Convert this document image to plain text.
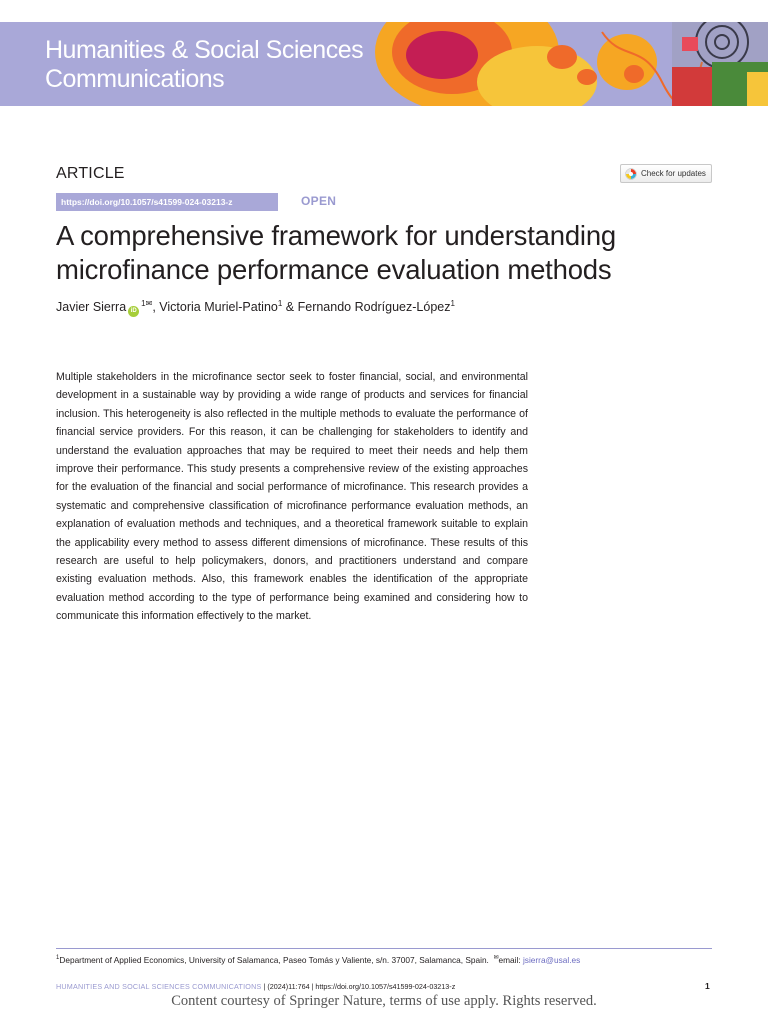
Humanities & Social Sciences
Communications
ARTICLE	Check for updates
https://doi.org/10.1057/s41599-024-03213-z	OPEN
A comprehensive framework for understanding
microfinance performance evaluation methods
Javier Sierra $iD^{1✉}$, Victoria Muriel-Patino$^1$ & Fernando Rodríguez-López$^1$

Multiple stakeholders in the microfinance sector seek to foster financial, social, and environmental development in a sustainable way by providing a wide range of products and services for financial inclusion. This heterogeneity is also reflected in the multiple methods to evaluate the performance of financial service providers. For this reason, it can be challenging for stakeholders to identify and understand the evaluation approaches that may be required to meet their needs and help them improve their performance. This study presents a comprehensive review of the existing approaches for the evaluation of the financial and social performance of microfinance. This research provides a systematic and comprehensive classification of microfinance performance evaluation methods, an explanation of evaluation methods and techniques, and a theoretical framework suitable to explain the applicability every method to assess different dimensions of microfinance. These results of this research are useful to help policymakers, donors, and practitioners understand and compare existing evaluation methods. Also, this framework enables the identification of the appropriate evaluation method according to the type of performance being examined and considering how to communicate this information effectively to the market.

$^1$Department of Applied Economics, University of Salamanca, Paseo Tomás y Valiente, s/n. 37007, Salamanca, Spain. ✉email: jsierra@usal.es
HUMANITIES AND SOCIAL SCIENCES COMMUNICATIONS | (2024)11:764 | https://doi.org/10.1057/s41599-024-03213-z	1
Content courtesy of Springer Nature, terms of use apply. Rights reserved.
